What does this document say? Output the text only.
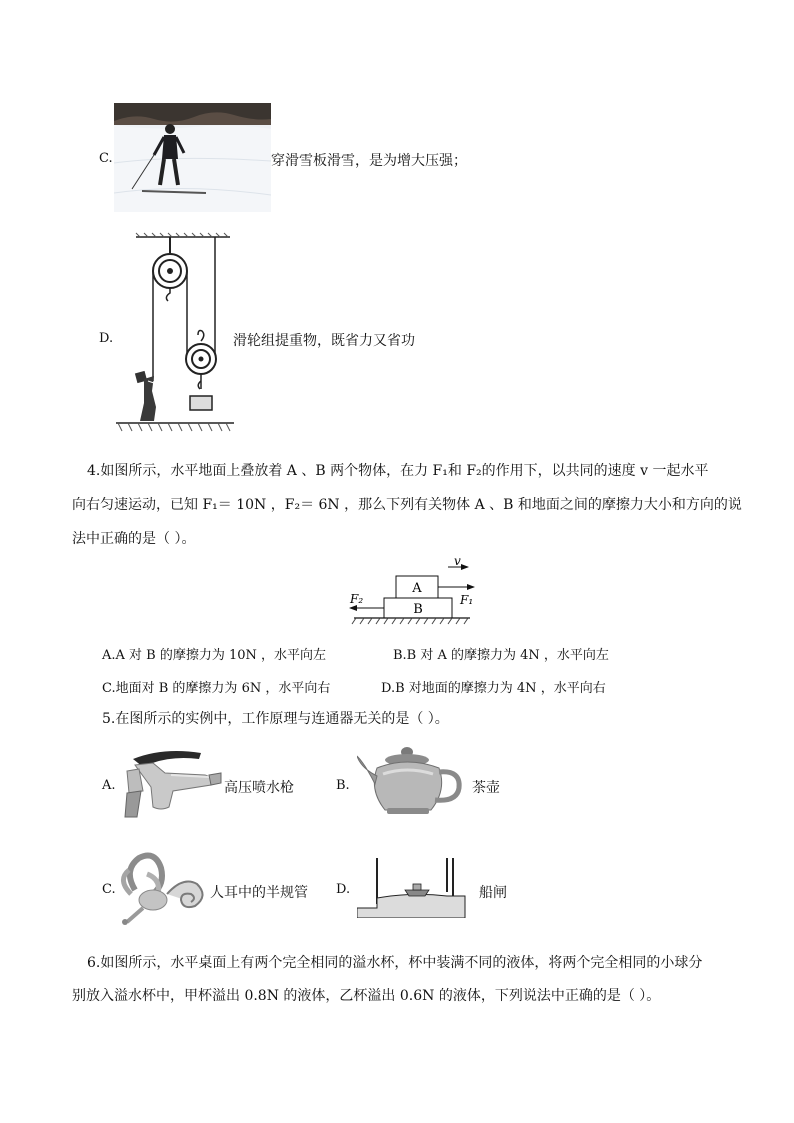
C.	穿滑雪板滑雪，是为增大压强；
D.	滑轮组提重物，既省力又省功
4.如图所示，水平地面上叠放着 A 、B 两个物体，在力 F₁和 F₂的作用下，以共同的速度 v 一起水平
向右匀速运动，已知 F₁＝ 10N ，F₂＝ 6N ，那么下列有关物体 A 、B 和地面之间的摩擦力大小和方向的说
法中正确的是（ ）。
A
B
v
F₁
F₂
A.A 对 B 的摩擦力为 10N ，水平向左	B.B 对 A 的摩擦力为 4N ，水平向左
C.地面对 B 的摩擦力为 6N ，水平向右	D.B 对地面的摩擦力为 4N ，水平向右
5.在图所示的实例中，工作原理与连通器无关的是（ ）。
A.	高压喷水枪	B.	茶壶
C.	人耳中的半规管 D.	船闸
6.如图所示，水平桌面上有两个完全相同的溢水杯，杯中装满不同的液体，将两个完全相同的小球分
别放入溢水杯中，甲杯溢出 0.8N 的液体，乙杯溢出 0.6N 的液体，下列说法中正确的是（ ）。
